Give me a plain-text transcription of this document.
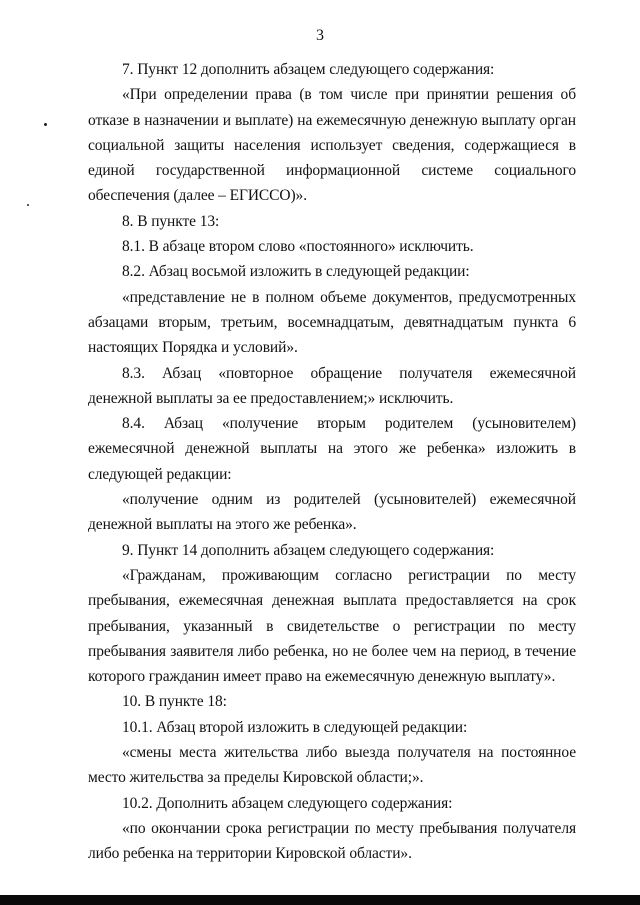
3

7. Пункт 12 дополнить абзацем следующего содержания:

«При определении права (в том числе при принятии решения об отказе в назначении и выплате) на ежемесячную денежную выплату орган социальной защиты населения использует сведения, содержащиеся в единой государственной информационной системе социального обеспечения (далее – ЕГИССО)».

8. В пункте 13:

8.1. В абзаце втором слово «постоянного» исключить.

8.2. Абзац восьмой изложить в следующей редакции:

«представление не в полном объеме документов, предусмотренных абзацами вторым, третьим, восемнадцатым, девятнадцатым пункта 6 настоящих Порядка и условий».

8.3. Абзац «повторное обращение получателя ежемесячной денежной выплаты за ее предоставлением;» исключить.

8.4. Абзац «получение вторым родителем (усыновителем) ежемесячной денежной выплаты на этого же ребенка» изложить в следующей редакции:

«получение одним из родителей (усыновителей) ежемесячной денежной выплаты на этого же ребенка».

9. Пункт 14 дополнить абзацем следующего содержания:

«Гражданам, проживающим согласно регистрации по месту пребывания, ежемесячная денежная выплата предоставляется на срок пребывания, указанный в свидетельстве о регистрации по месту пребывания заявителя либо ребенка, но не более чем на период, в течение которого гражданин имеет право на ежемесячную денежную выплату».

10. В пункте 18:

10.1. Абзац второй изложить в следующей редакции:

«смены места жительства либо выезда получателя на постоянное место жительства за пределы Кировской области;».

10.2. Дополнить абзацем следующего содержания:

«по окончании срока регистрации по месту пребывания получателя либо ребенка на территории Кировской области».
